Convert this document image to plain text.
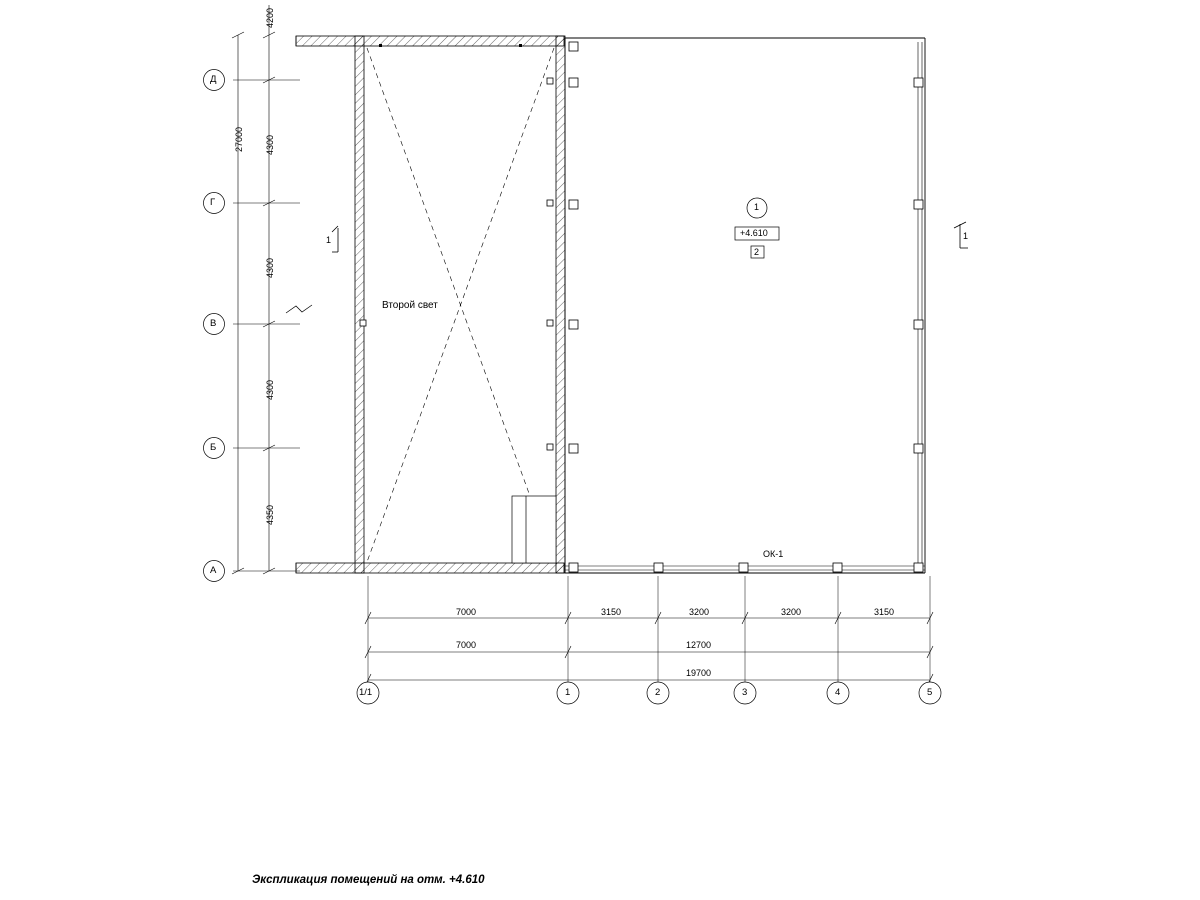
Д
Г
В
Б
А
1/1	1	2	3	4	5
4200
4300
4300
4300
4350
27000
7000	3150	3200	3200	3150
7000	12700
19700
Второй свет
1
+4.610
2
ОК-1
1	1
Экспликация помещений на отм. +4.610
